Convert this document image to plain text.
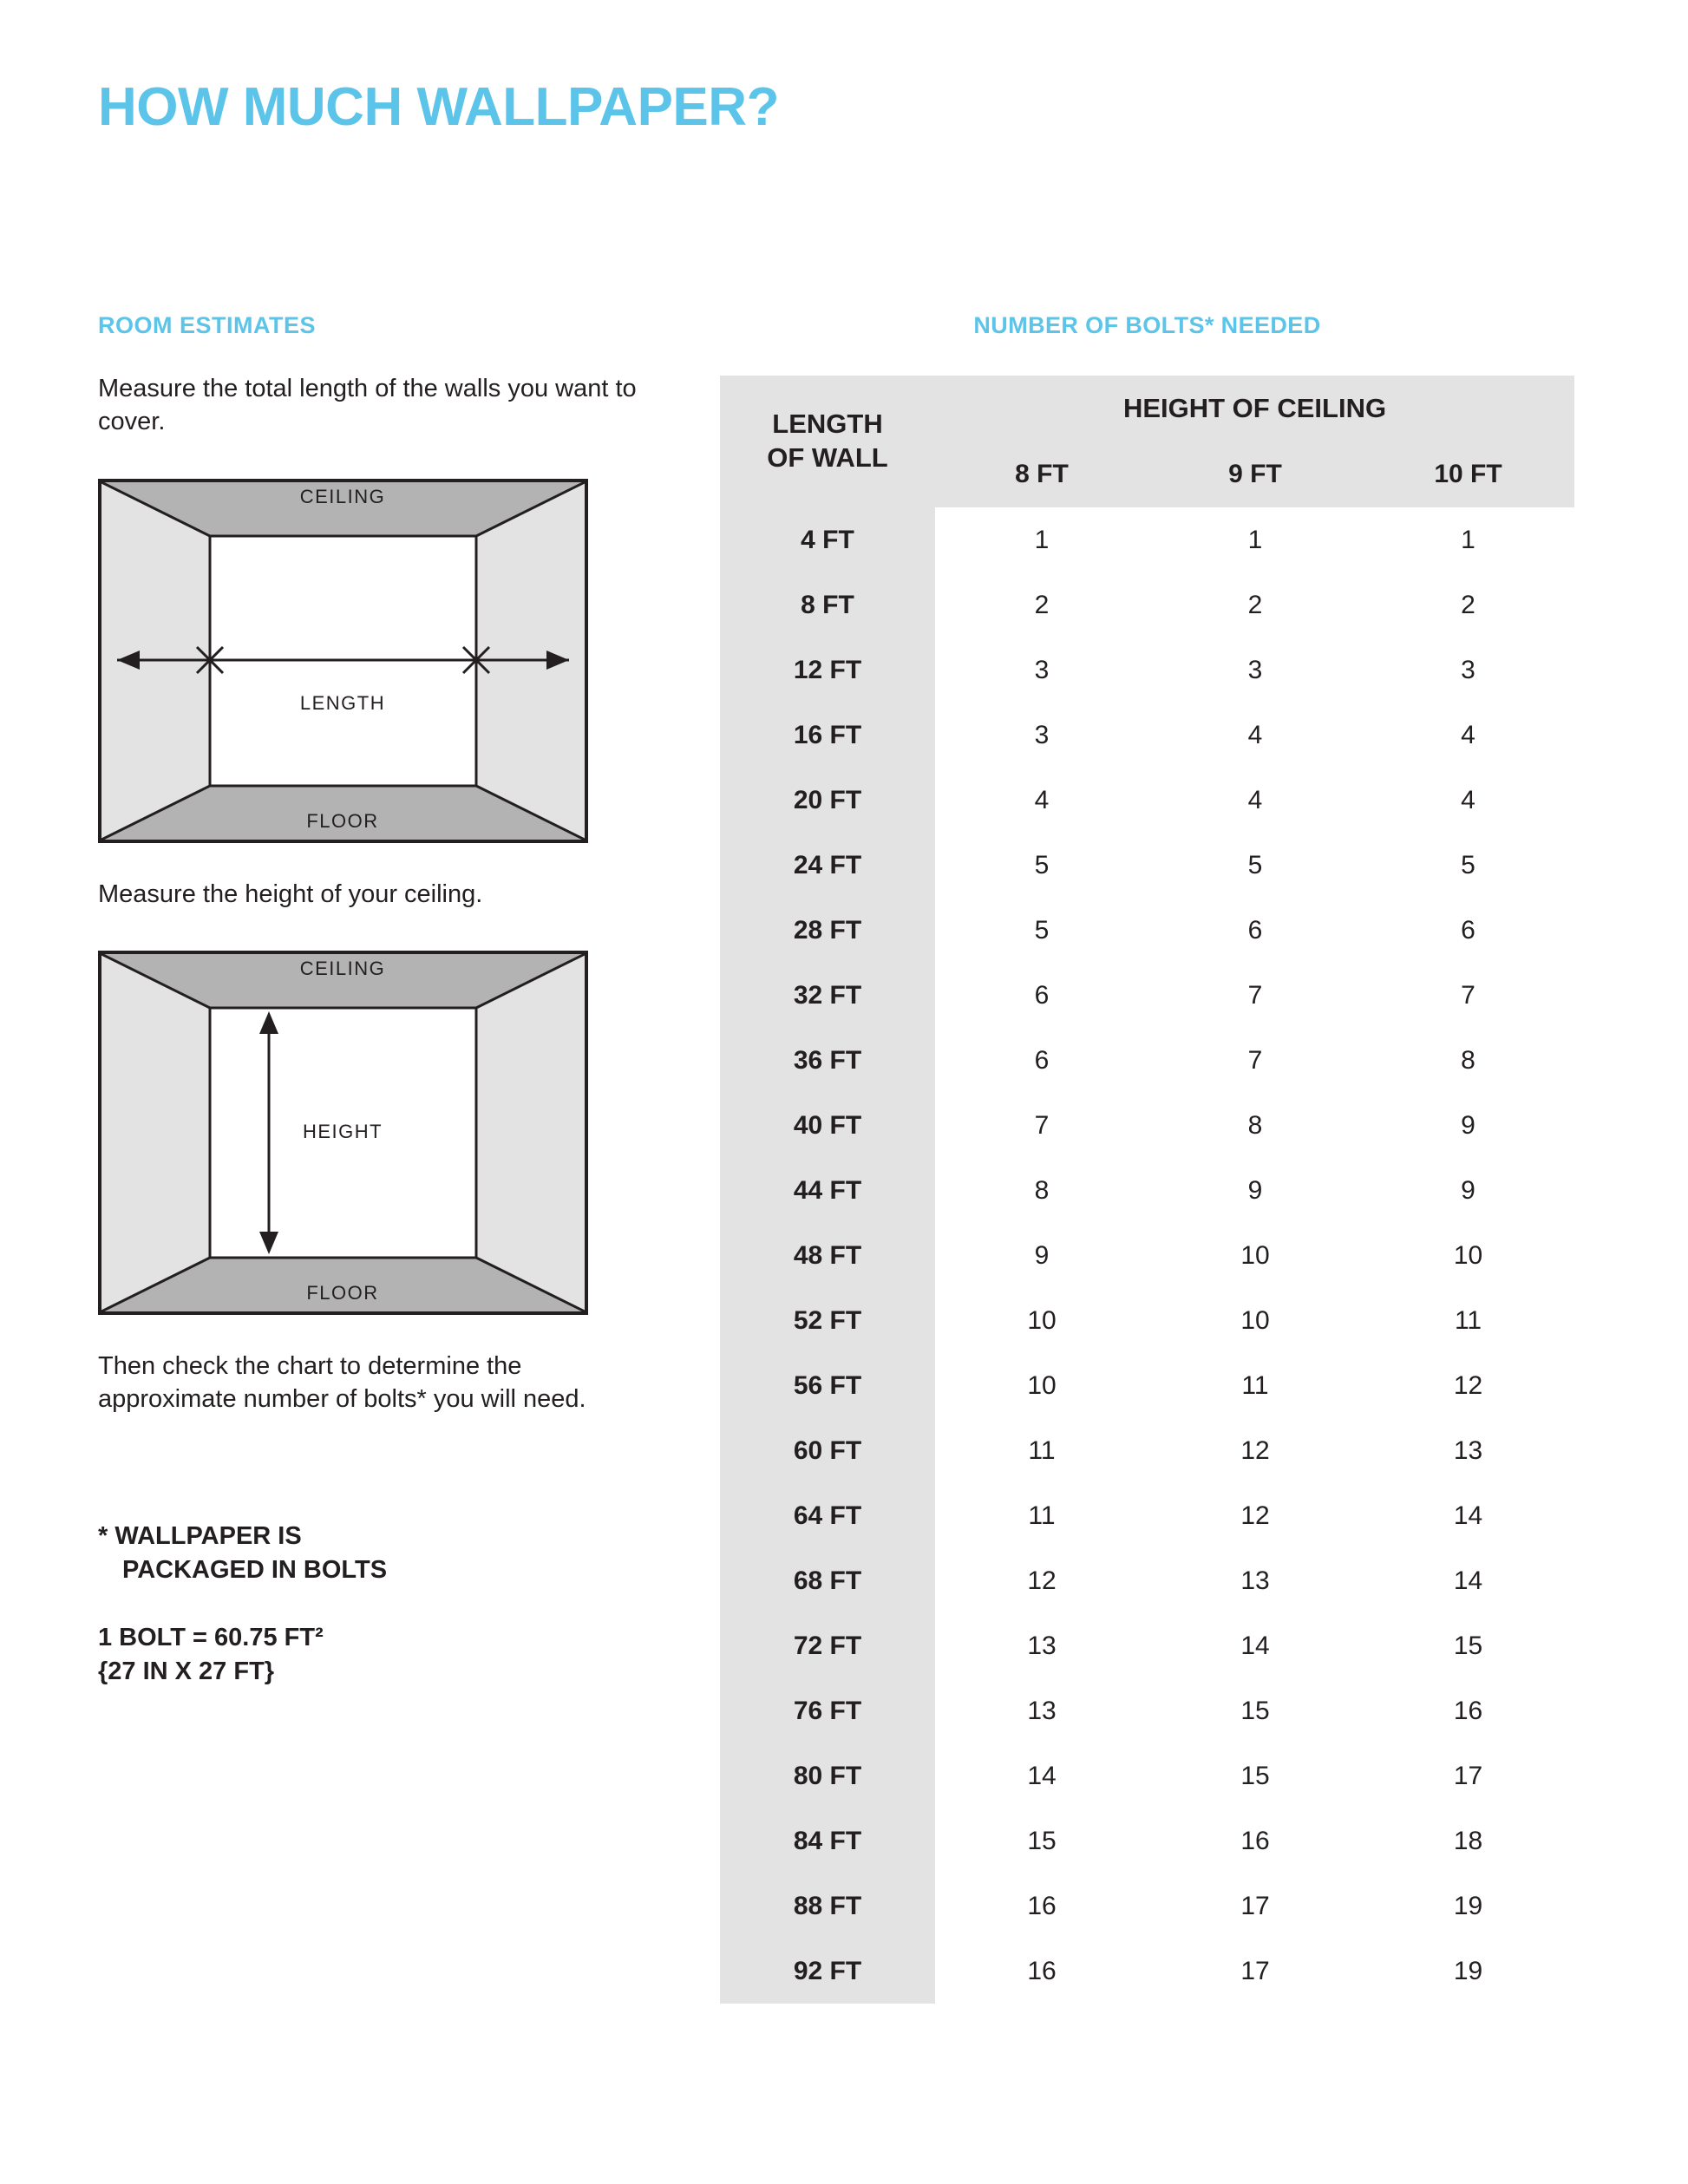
HOW MUCH WALLPAPER?
ROOM ESTIMATES

Measure the total length of the walls you want to cover.

CEILING
FLOOR
LENGTH

Measure the height of your ceiling.

CEILING
FLOOR
HEIGHT

Then check the chart to determine the approximate number of bolts* you will need.

* WALLPAPER IS

PACKAGED IN BOLTS

1 BOLT = 60.75 FT²

{27 IN X 27 FT}

NUMBER OF BOLTS* NEEDED
LENGTH
OF WALL	HEIGHT OF CEILING		
	8 FT	9 FT	10 FT
4 FT	1	1	1
8 FT	2	2	2
12 FT	3	3	3
16 FT	3	4	4
20 FT	4	4	4
24 FT	5	5	5
28 FT	5	6	6
32 FT	6	7	7
36 FT	6	7	8
40 FT	7	8	9
44 FT	8	9	9
48 FT	9	10	10
52 FT	10	10	11
56 FT	10	11	12
60 FT	11	12	13
64 FT	11	12	14
68 FT	12	13	14
72 FT	13	14	15
76 FT	13	15	16
80 FT	14	15	17
84 FT	15	16	18
88 FT	16	17	19
92 FT	16	17	19
